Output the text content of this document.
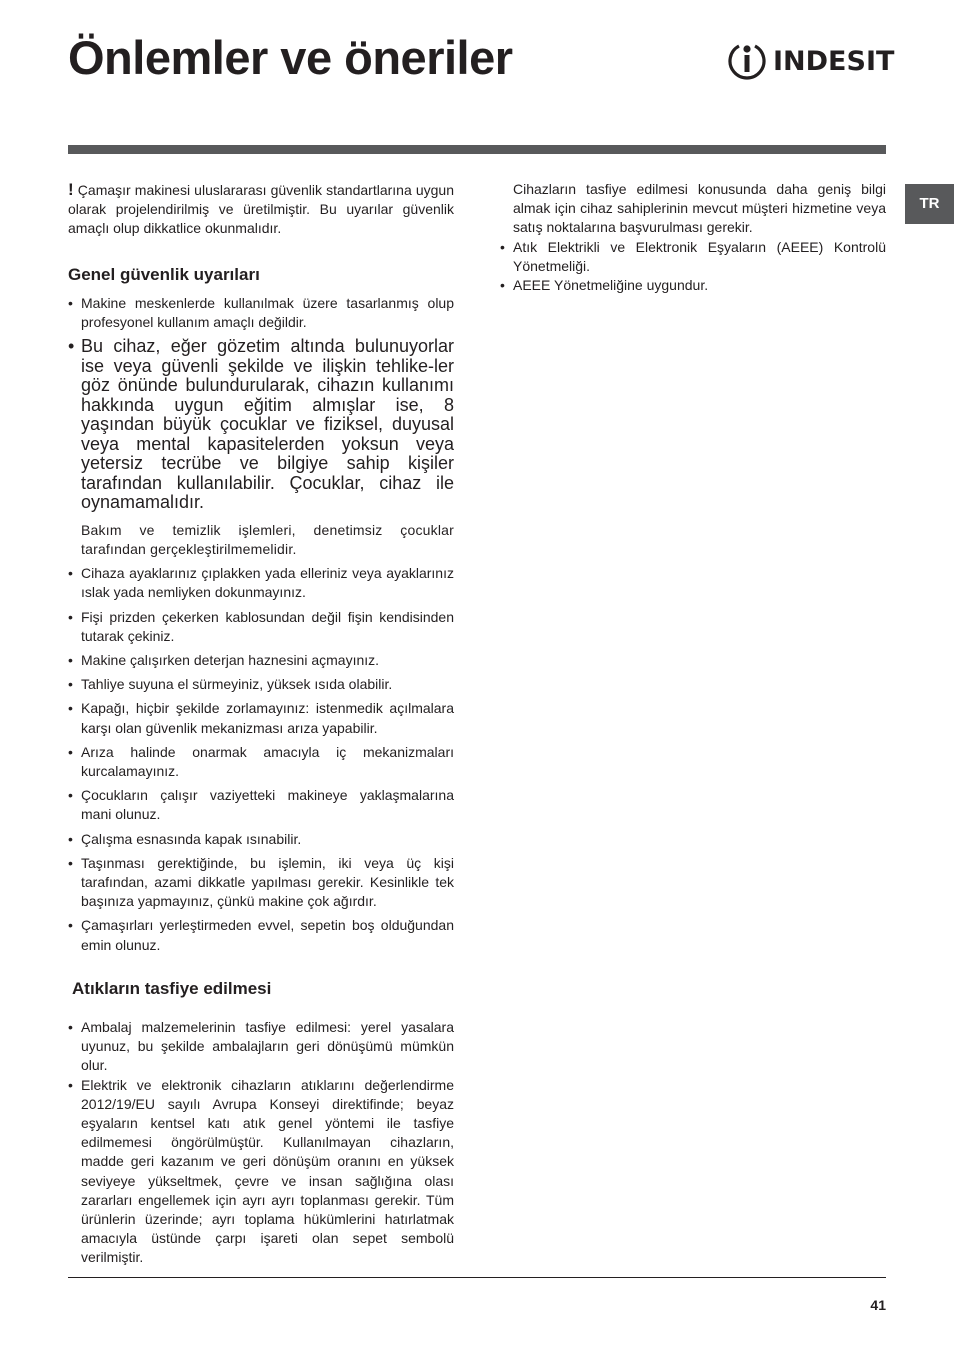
Önlemler ve öneriler	INDESIT
TR

! Çamaşır makinesi uluslararası güvenlik standartlarına uygun olarak projelendirilmiş ve üretilmiştir. Bu uyarılar güvenlik amaçlı olup dikkatlice okunmalıdır.

Genel güvenlik uyarıları
• Makine meskenlerde kullanılmak üzere tasarlanmış olup profesyonel kullanım amaçlı değildir.
• Bu cihaz, eğer gözetim altında bulunuyorlar ise veya güvenli şekilde ve ilişkin tehlike-ler göz önünde bulundurularak, cihazın kullanımı hakkında uygun eğitim almışlar ise, 8 yaşından büyük çocuklar ve fiziksel, duyusal veya mental kapasitelerden yoksun veya yetersiz tecrübe ve bilgiye sahip kişiler tarafından kullanılabilir. Çocuklar, cihaz ile oynamamalıdır.

Bakım ve temizlik işlemleri, denetimsiz çocuklar tarafından gerçekleştirilmemelidir.

• Cihaza ayaklarınız çıplakken yada elleriniz veya ayaklarınız ıslak yada nemliyken dokunmayınız.
• Fişi prizden çekerken kablosundan değil fişin kendisinden tutarak çekiniz.
• Makine çalışırken deterjan haznesini açmayınız.
• Tahliye suyuna el sürmeyiniz, yüksek ısıda olabilir.
• Kapağı, hiçbir şekilde zorlamayınız: istenmedik açılmalara karşı olan güvenlik mekanizması arıza yapabilir.
• Arıza halinde onarmak amacıyla iç mekanizmaları kurcalamayınız.
• Çocukların çalışır vaziyetteki makineye yaklaşmalarına mani olunuz.
• Çalışma esnasında kapak ısınabilir.
• Taşınması gerektiğinde, bu işlemin, iki veya üç kişi tarafından, azami dikkatle yapılması gerekir. Kesinlikle tek başınıza yapmayınız, çünkü makine çok ağırdır.
• Çamaşırları yerleştirmeden evvel, sepetin boş olduğundan emin olunuz.
Atıkların tasfiye edilmesi
• Ambalaj malzemelerinin tasfiye edilmesi: yerel yasalara uyunuz, bu şekilde ambalajların geri dönüşümü mümkün olur.
• Elektrik ve elektronik cihazların atıklarını değerlendirme 2012/19/EU sayılı Avrupa Konseyi direktifinde; beyaz eşyaların kentsel katı atık genel yöntemi ile tasfiye edilmemesi öngörülmüştür. Kullanılmayan cihazların, madde geri kazanım ve geri dönüşüm oranını en yüksek seviyeye yükseltmek, çevre ve insan sağlığına olası zararları engellemek için ayrı ayrı toplanması gerekir. Tüm ürünlerin üzerinde; ayrı toplama hükümlerini hatırlatmak amacıyla üstünde çarpı işareti olan sepet sembolü verilmiştir.

Cihazların tasfiye edilmesi konusunda daha geniş bilgi almak için cihaz sahiplerinin mevcut müşteri hizmetine veya satış noktalarına başvurulması gerekir.

• Atık Elektrikli ve Elektronik Eşyaların (AEEE) Kontrolü Yönetmeliği.
• AEEE Yönetmeliğine uygundur.
41
